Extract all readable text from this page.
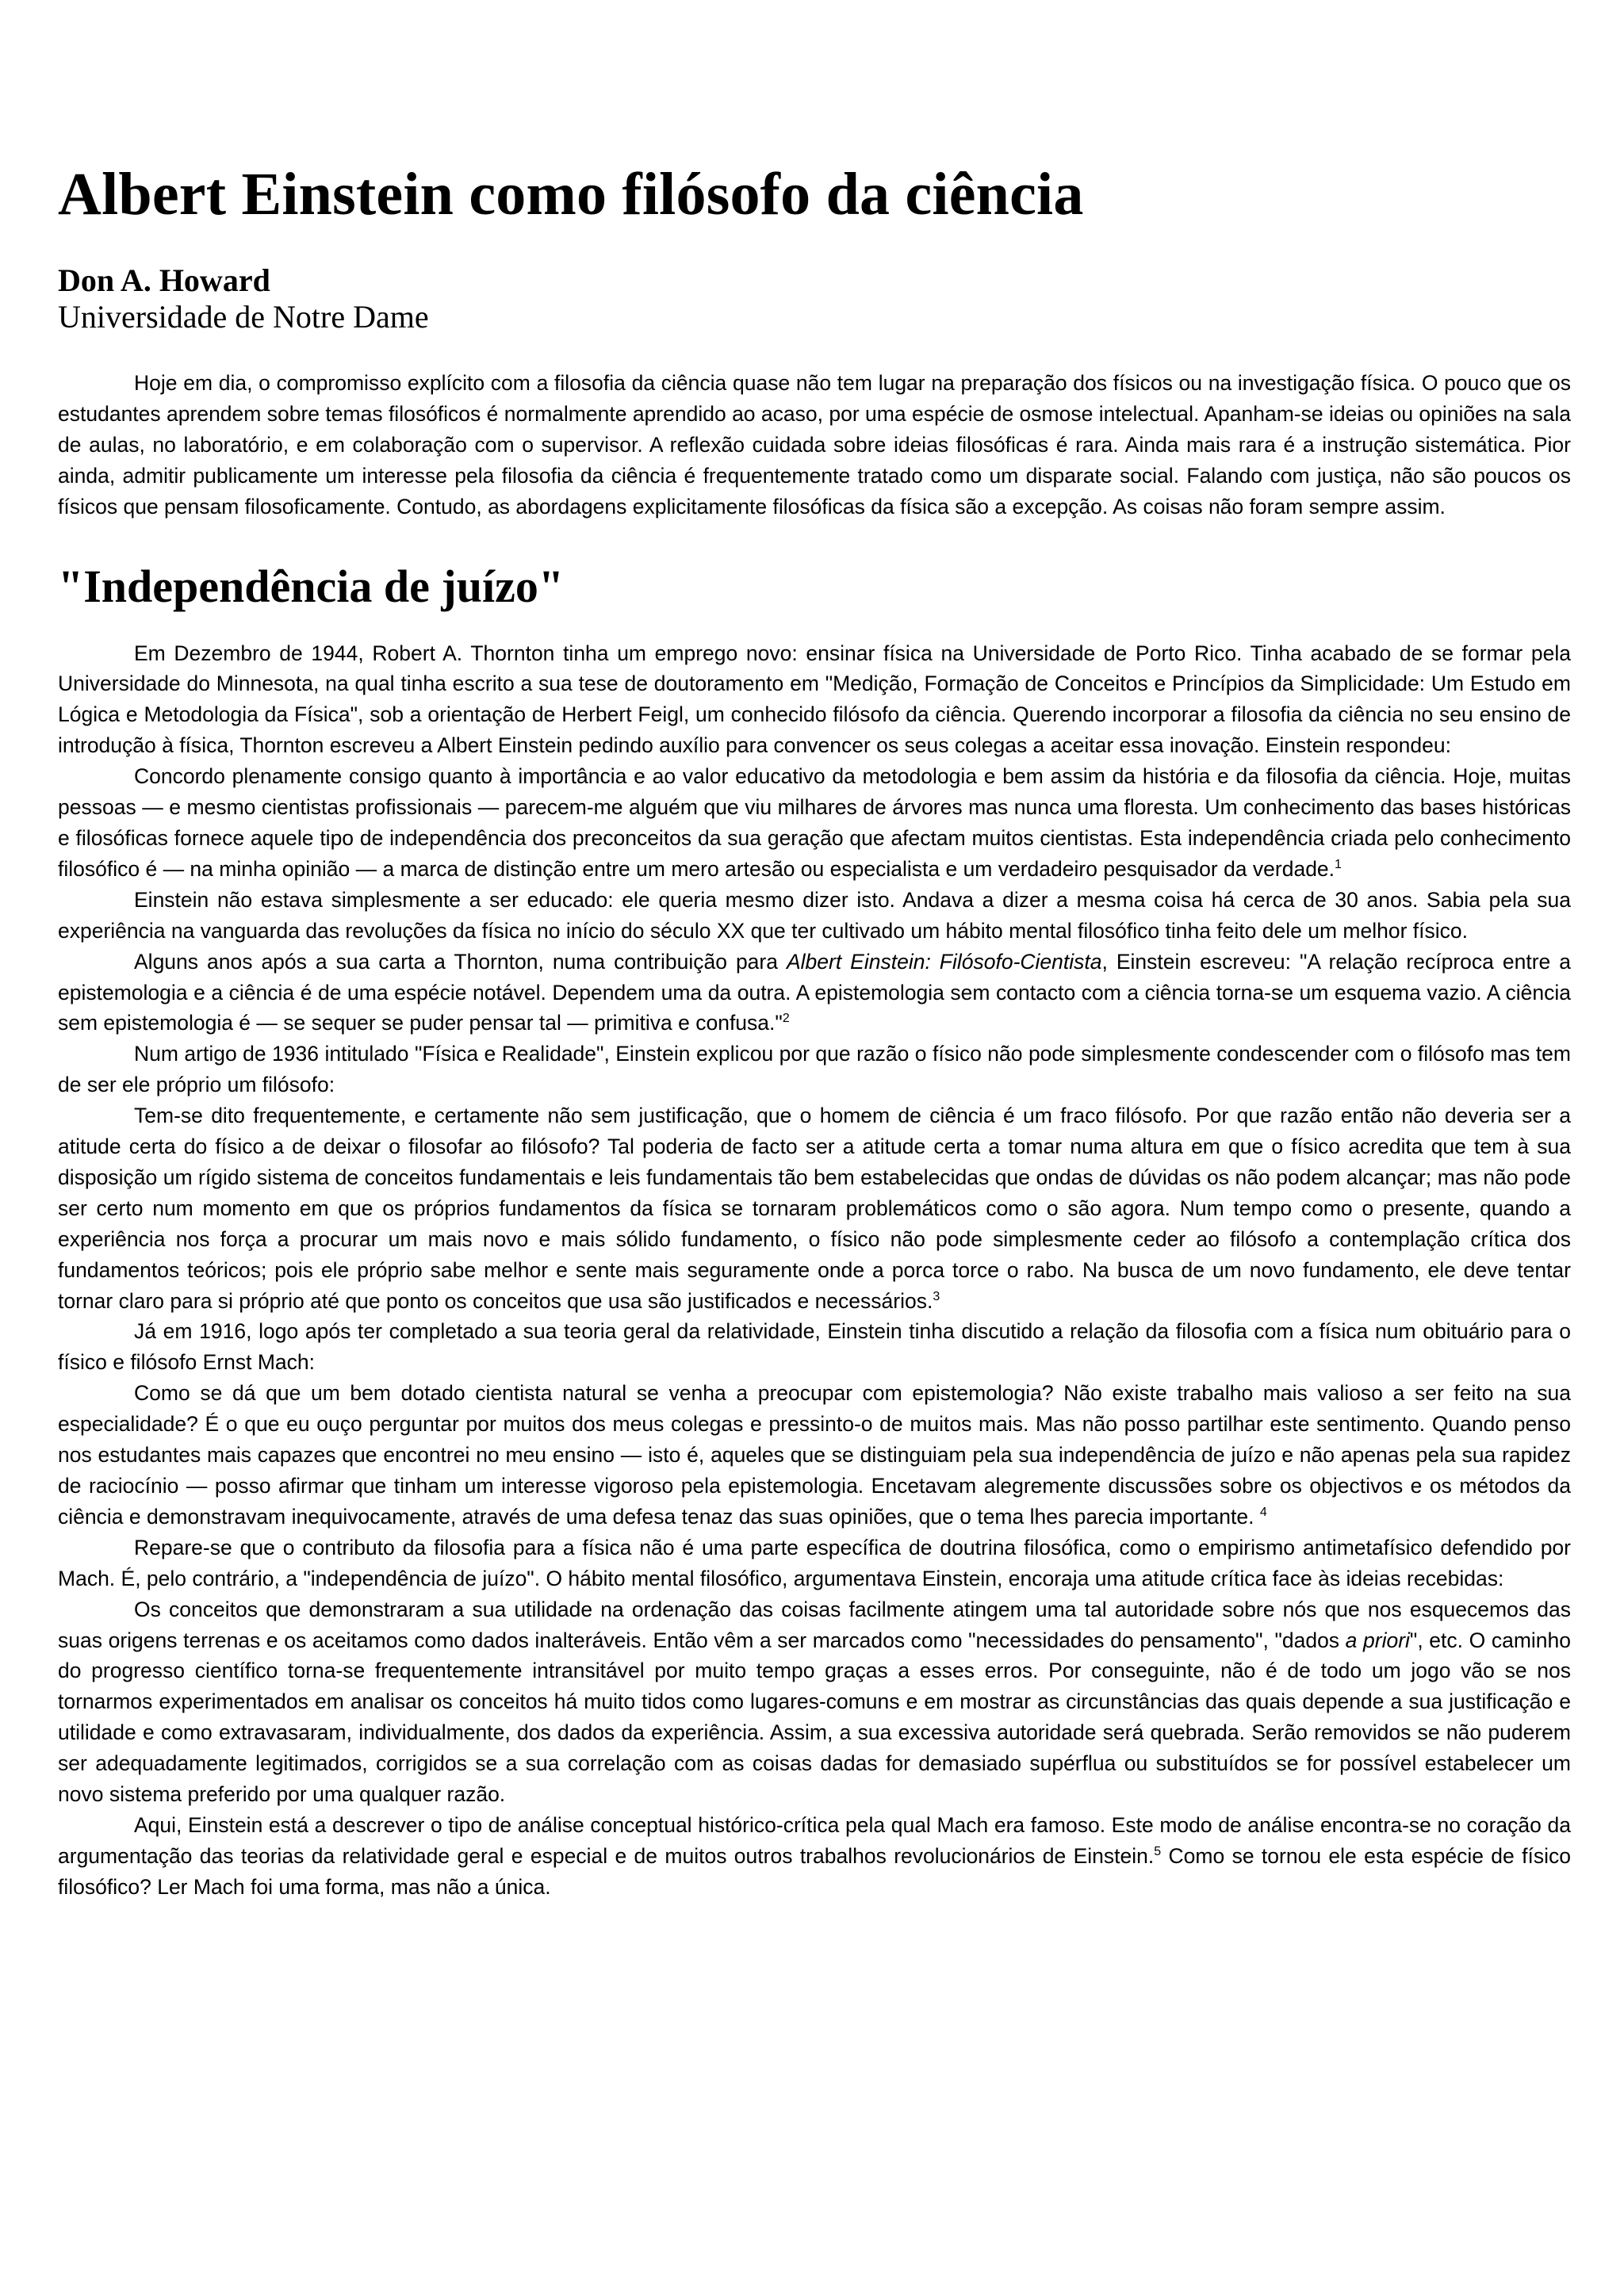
Albert Einstein como filósofo da ciência
Don A. Howard
Universidade de Notre Dame

Hoje em dia, o compromisso explícito com a filosofia da ciência quase não tem lugar na preparação dos físicos ou na investigação física. O pouco que os estudantes aprendem sobre temas filosóficos é normalmente aprendido ao acaso, por uma espécie de osmose intelectual. Apanham-se ideias ou opiniões na sala de aulas, no laboratório, e em colaboração com o supervisor. A reflexão cuidada sobre ideias filosóficas é rara. Ainda mais rara é a instrução sistemática. Pior ainda, admitir publicamente um interesse pela filosofia da ciência é frequentemente tratado como um disparate social. Falando com justiça, não são poucos os físicos que pensam filosoficamente. Contudo, as abordagens explicitamente filosóficas da física são a excepção. As coisas não foram sempre assim.

"Independência de juízo"

Em Dezembro de 1944, Robert A. Thornton tinha um emprego novo: ensinar física na Universidade de Porto Rico. Tinha acabado de se formar pela Universidade do Minnesota, na qual tinha escrito a sua tese de doutoramento em "Medição, Formação de Conceitos e Princípios da Simplicidade: Um Estudo em Lógica e Metodologia da Física", sob a orientação de Herbert Feigl, um conhecido filósofo da ciência. Querendo incorporar a filosofia da ciência no seu ensino de introdução à física, Thornton escreveu a Albert Einstein pedindo auxílio para convencer os seus colegas a aceitar essa inovação. Einstein respondeu:

Concordo plenamente consigo quanto à importância e ao valor educativo da metodologia e bem assim da história e da filosofia da ciência. Hoje, muitas pessoas — e mesmo cientistas profissionais — parecem-me alguém que viu milhares de árvores mas nunca uma floresta. Um conhecimento das bases históricas e filosóficas fornece aquele tipo de independência dos preconceitos da sua geração que afectam muitos cientistas. Esta independência criada pelo conhecimento filosófico é — na minha opinião — a marca de distinção entre um mero artesão ou especialista e um verdadeiro pesquisador da verdade.$^1$

Einstein não estava simplesmente a ser educado: ele queria mesmo dizer isto. Andava a dizer a mesma coisa há cerca de 30 anos. Sabia pela sua experiência na vanguarda das revoluções da física no início do século XX que ter cultivado um hábito mental filosófico tinha feito dele um melhor físico.

Alguns anos após a sua carta a Thornton, numa contribuição para Albert Einstein: Filósofo-Cientista, Einstein escreveu: "A relação recíproca entre a epistemologia e a ciência é de uma espécie notável. Dependem uma da outra. A epistemologia sem contacto com a ciência torna-se um esquema vazio. A ciência sem epistemologia é — se sequer se puder pensar tal — primitiva e confusa."$^2$

Num artigo de 1936 intitulado "Física e Realidade", Einstein explicou por que razão o físico não pode simplesmente condescender com o filósofo mas tem de ser ele próprio um filósofo:

Tem-se dito frequentemente, e certamente não sem justificação, que o homem de ciência é um fraco filósofo. Por que razão então não deveria ser a atitude certa do físico a de deixar o filosofar ao filósofo? Tal poderia de facto ser a atitude certa a tomar numa altura em que o físico acredita que tem à sua disposição um rígido sistema de conceitos fundamentais e leis fundamentais tão bem estabelecidas que ondas de dúvidas os não podem alcançar; mas não pode ser certo num momento em que os próprios fundamentos da física se tornaram problemáticos como o são agora. Num tempo como o presente, quando a experiência nos força a procurar um mais novo e mais sólido fundamento, o físico não pode simplesmente ceder ao filósofo a contemplação crítica dos fundamentos teóricos; pois ele próprio sabe melhor e sente mais seguramente onde a porca torce o rabo. Na busca de um novo fundamento, ele deve tentar tornar claro para si próprio até que ponto os conceitos que usa são justificados e necessários.$^3$

Já em 1916, logo após ter completado a sua teoria geral da relatividade, Einstein tinha discutido a relação da filosofia com a física num obituário para o físico e filósofo Ernst Mach:

Como se dá que um bem dotado cientista natural se venha a preocupar com epistemologia? Não existe trabalho mais valioso a ser feito na sua especialidade? É o que eu ouço perguntar por muitos dos meus colegas e pressinto-o de muitos mais. Mas não posso partilhar este sentimento. Quando penso nos estudantes mais capazes que encontrei no meu ensino — isto é, aqueles que se distinguiam pela sua independência de juízo e não apenas pela sua rapidez de raciocínio — posso afirmar que tinham um interesse vigoroso pela epistemologia. Encetavam alegremente discussões sobre os objectivos e os métodos da ciência e demonstravam inequivocamente, através de uma defesa tenaz das suas opiniões, que o tema lhes parecia importante. $^4$

Repare-se que o contributo da filosofia para a física não é uma parte específica de doutrina filosófica, como o empirismo antimetafísico defendido por Mach. É, pelo contrário, a "independência de juízo". O hábito mental filosófico, argumentava Einstein, encoraja uma atitude crítica face às ideias recebidas:

Os conceitos que demonstraram a sua utilidade na ordenação das coisas facilmente atingem uma tal autoridade sobre nós que nos esquecemos das suas origens terrenas e os aceitamos como dados inalteráveis. Então vêm a ser marcados como "necessidades do pensamento", "dados a priori", etc. O caminho do progresso científico torna-se frequentemente intransitável por muito tempo graças a esses erros. Por conseguinte, não é de todo um jogo vão se nos tornarmos experimentados em analisar os conceitos há muito tidos como lugares-comuns e em mostrar as circunstâncias das quais depende a sua justificação e utilidade e como extravasaram, individualmente, dos dados da experiência. Assim, a sua excessiva autoridade será quebrada. Serão removidos se não puderem ser adequadamente legitimados, corrigidos se a sua correlação com as coisas dadas for demasiado supérflua ou substituídos se for possível estabelecer um novo sistema preferido por uma qualquer razão.

Aqui, Einstein está a descrever o tipo de análise conceptual histórico-crítica pela qual Mach era famoso. Este modo de análise encontra-se no coração da argumentação das teorias da relatividade geral e especial e de muitos outros trabalhos revolucionários de Einstein.$^5$ Como se tornou ele esta espécie de físico filosófico? Ler Mach foi uma forma, mas não a única.
